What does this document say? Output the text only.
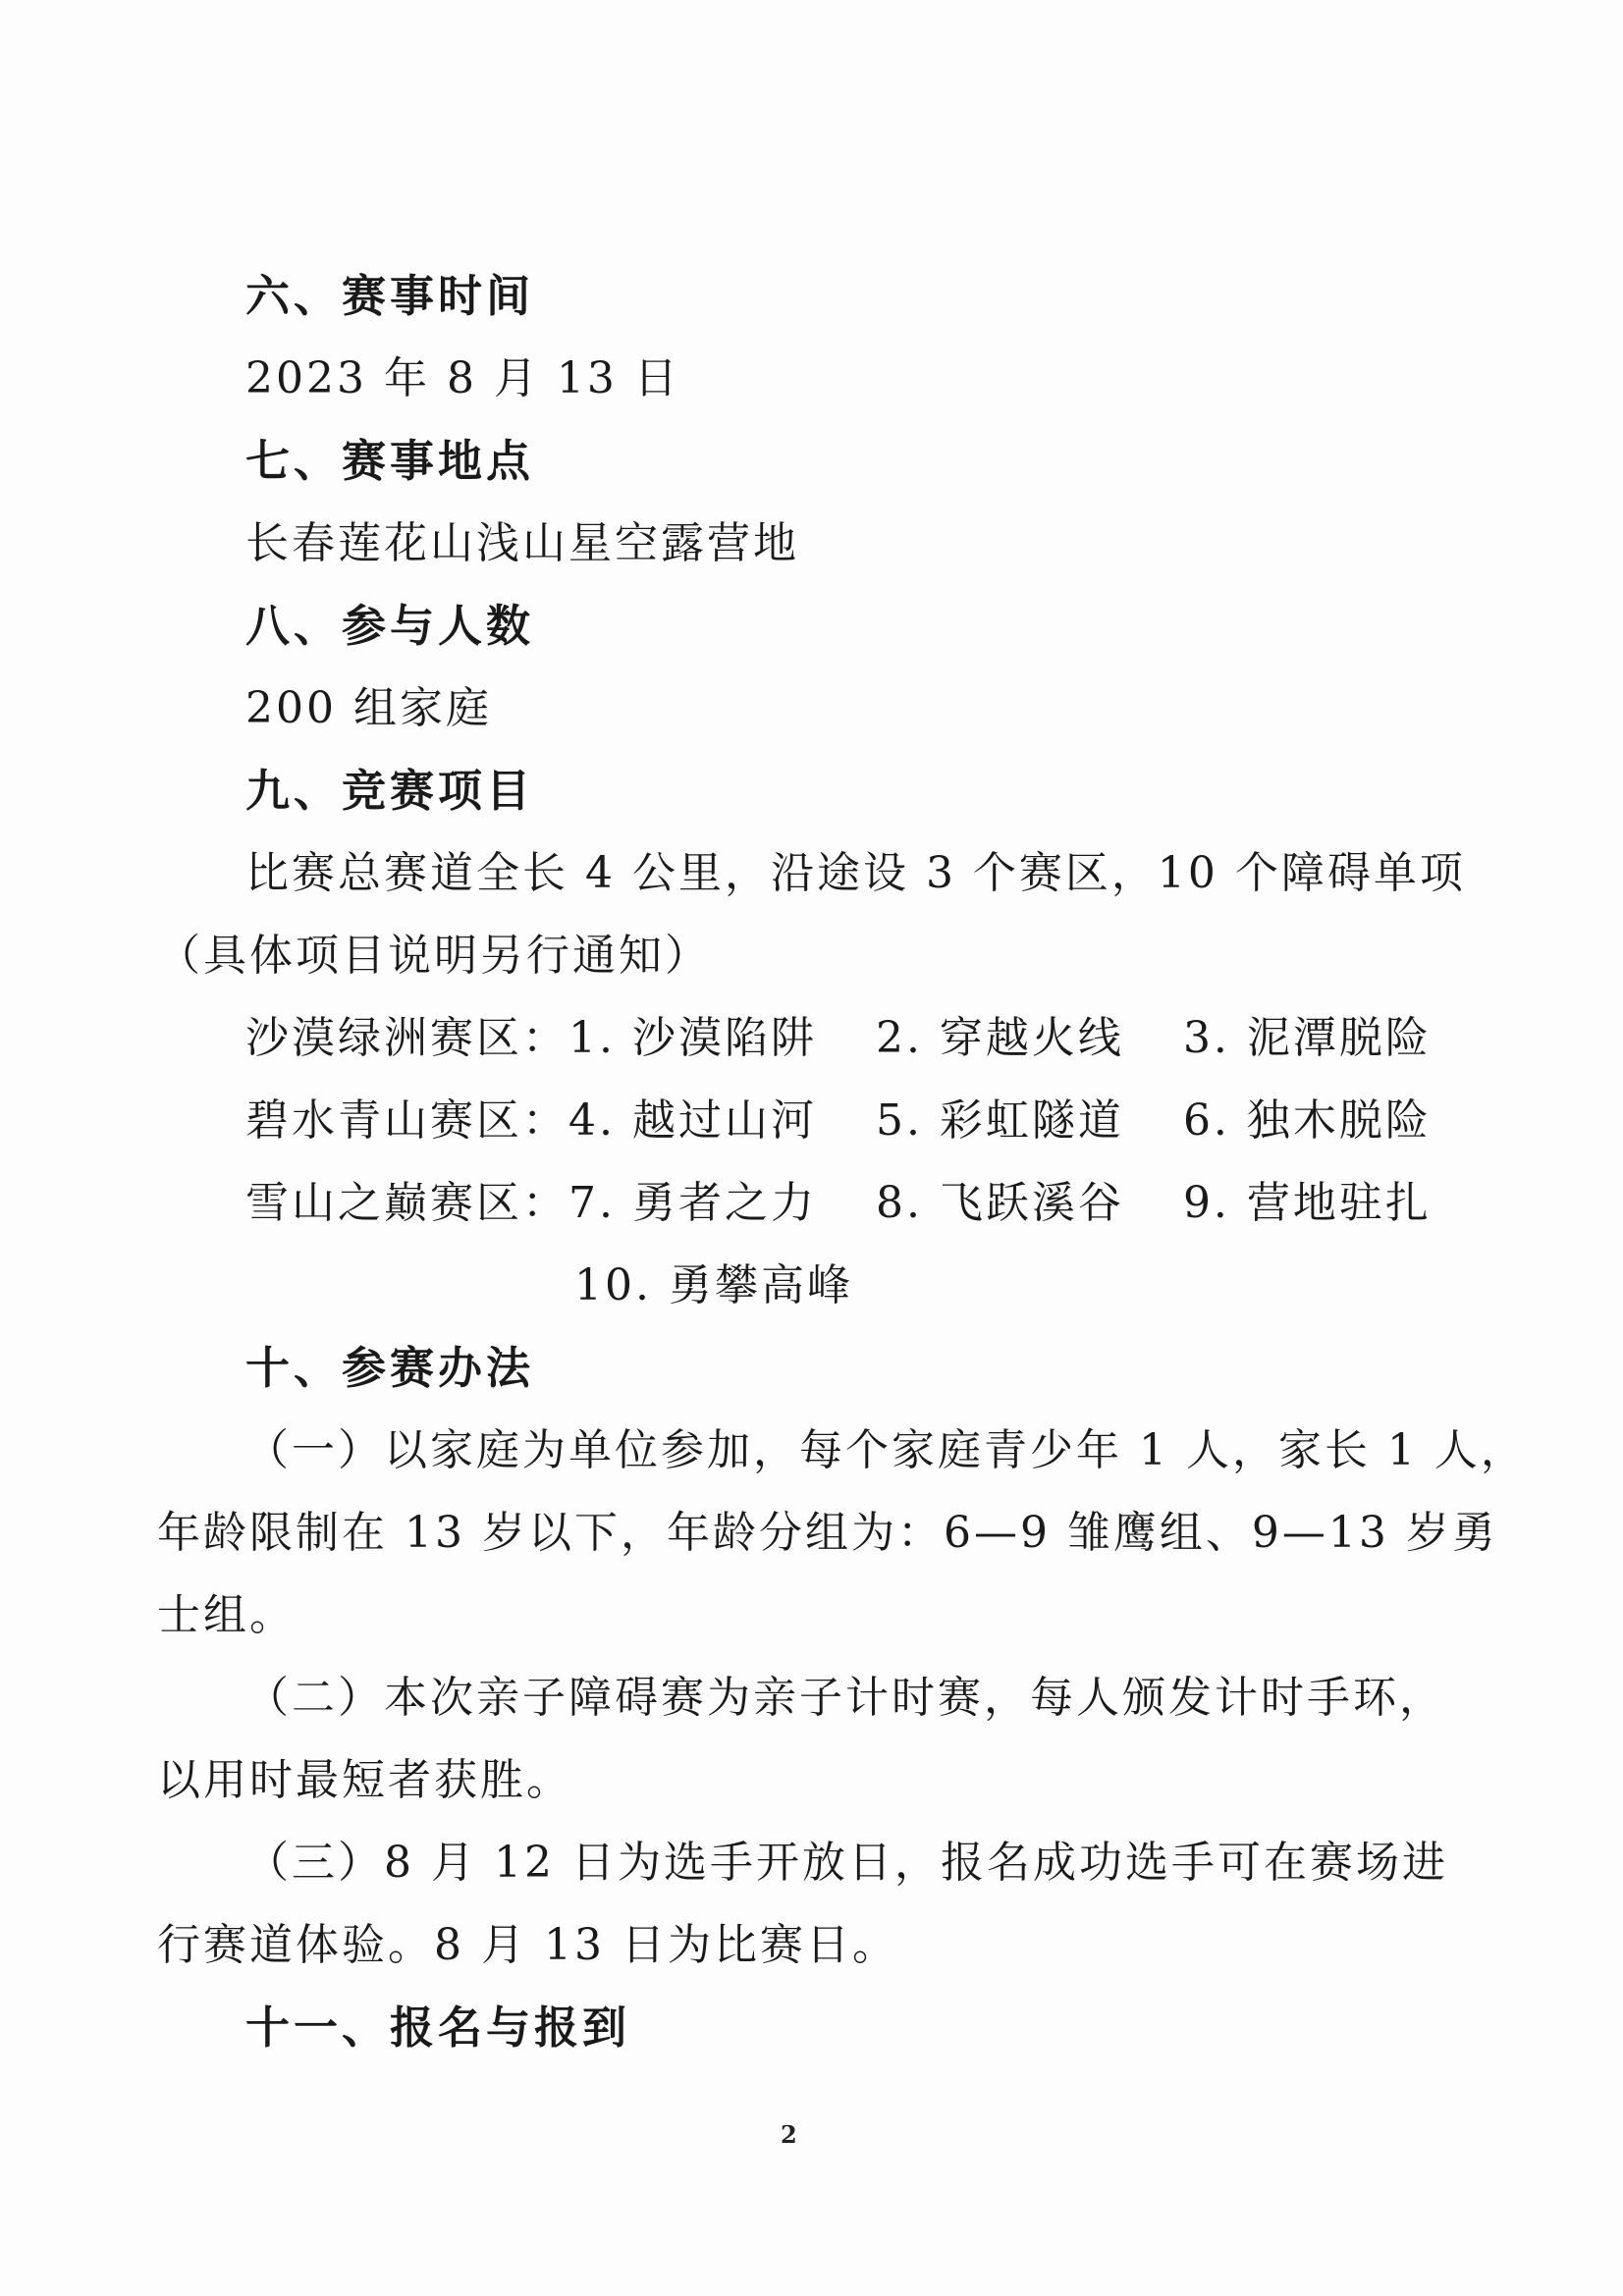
六、赛事时间
2023 年 8 月 13 日
七、赛事地点
长春莲花山浅山星空露营地
八、参与人数
200 组家庭
九、竞赛项目
比赛总赛道全长 4 公里，沿途设 3 个赛区，10 个障碍单项
（具体项目说明另行通知）
沙漠绿洲赛区：1. 沙漠陷阱 2. 穿越火线 3. 泥潭脱险
碧水青山赛区：4. 越过山河 5. 彩虹隧道 6. 独木脱险
雪山之巅赛区：7. 勇者之力 8. 飞跃溪谷 9. 营地驻扎
10. 勇攀高峰
十、参赛办法
（一）以家庭为单位参加，每个家庭青少年 1 人，家长 1 人，
年龄限制在 13 岁以下，年龄分组为：6—9 雏鹰组、9—13 岁勇
士组。
（二）本次亲子障碍赛为亲子计时赛，每人颁发计时手环，
以用时最短者获胜。
（三）8 月 12 日为选手开放日，报名成功选手可在赛场进
行赛道体验。8 月 13 日为比赛日。
十一、报名与报到
2
